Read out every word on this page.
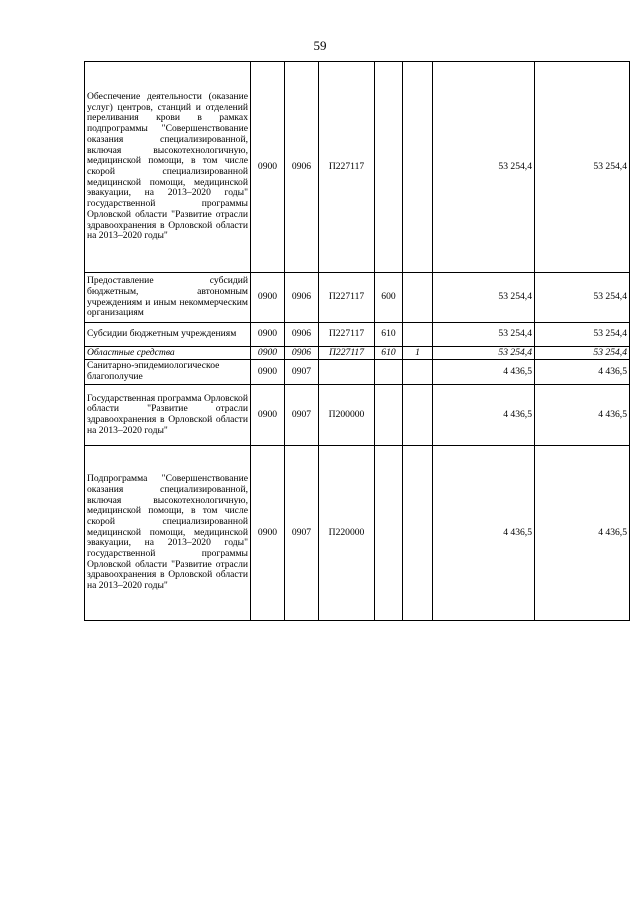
59
Обеспечение деятельности (оказание услуг) центров, станций и отделений переливания крови в рамках подпрограммы "Совершенствование оказания специализированной, включая высокотехнологичную, медицинской помощи, в том числе скорой специализированной медицинской помощи, медицинской эвакуации, на 2013–2020 годы" государственной программы Орловской области "Развитие отрасли здравоохранения в Орловской области на 2013–2020 годы"	0900	0906	П227117			53 254,4	53 254,4
Предоставление субсидий бюджетным, автономным учреждениям и иным некоммерческим организациям	0900	0906	П227117	600		53 254,4	53 254,4
Субсидии бюджетным учреждениям	0900	0906	П227117	610		53 254,4	53 254,4
Областные средства	0900	0906	П227117	610	1	53 254,4	53 254,4
Санитарно-эпидемиологическое благополучие	0900	0907				4 436,5	4 436,5
Государственная программа Орловской области "Развитие отрасли здравоохранения в Орловской области на 2013–2020 годы"	0900	0907	П200000			4 436,5	4 436,5
Подпрограмма "Совершенствование оказания специализированной, включая высокотехнологичную, медицинской помощи, в том числе скорой специализированной медицинской помощи, медицинской эвакуации, на 2013–2020 годы" государственной программы Орловской области "Развитие отрасли здравоохранения в Орловской области на 2013–2020 годы"	0900	0907	П220000			4 436,5	4 436,5
